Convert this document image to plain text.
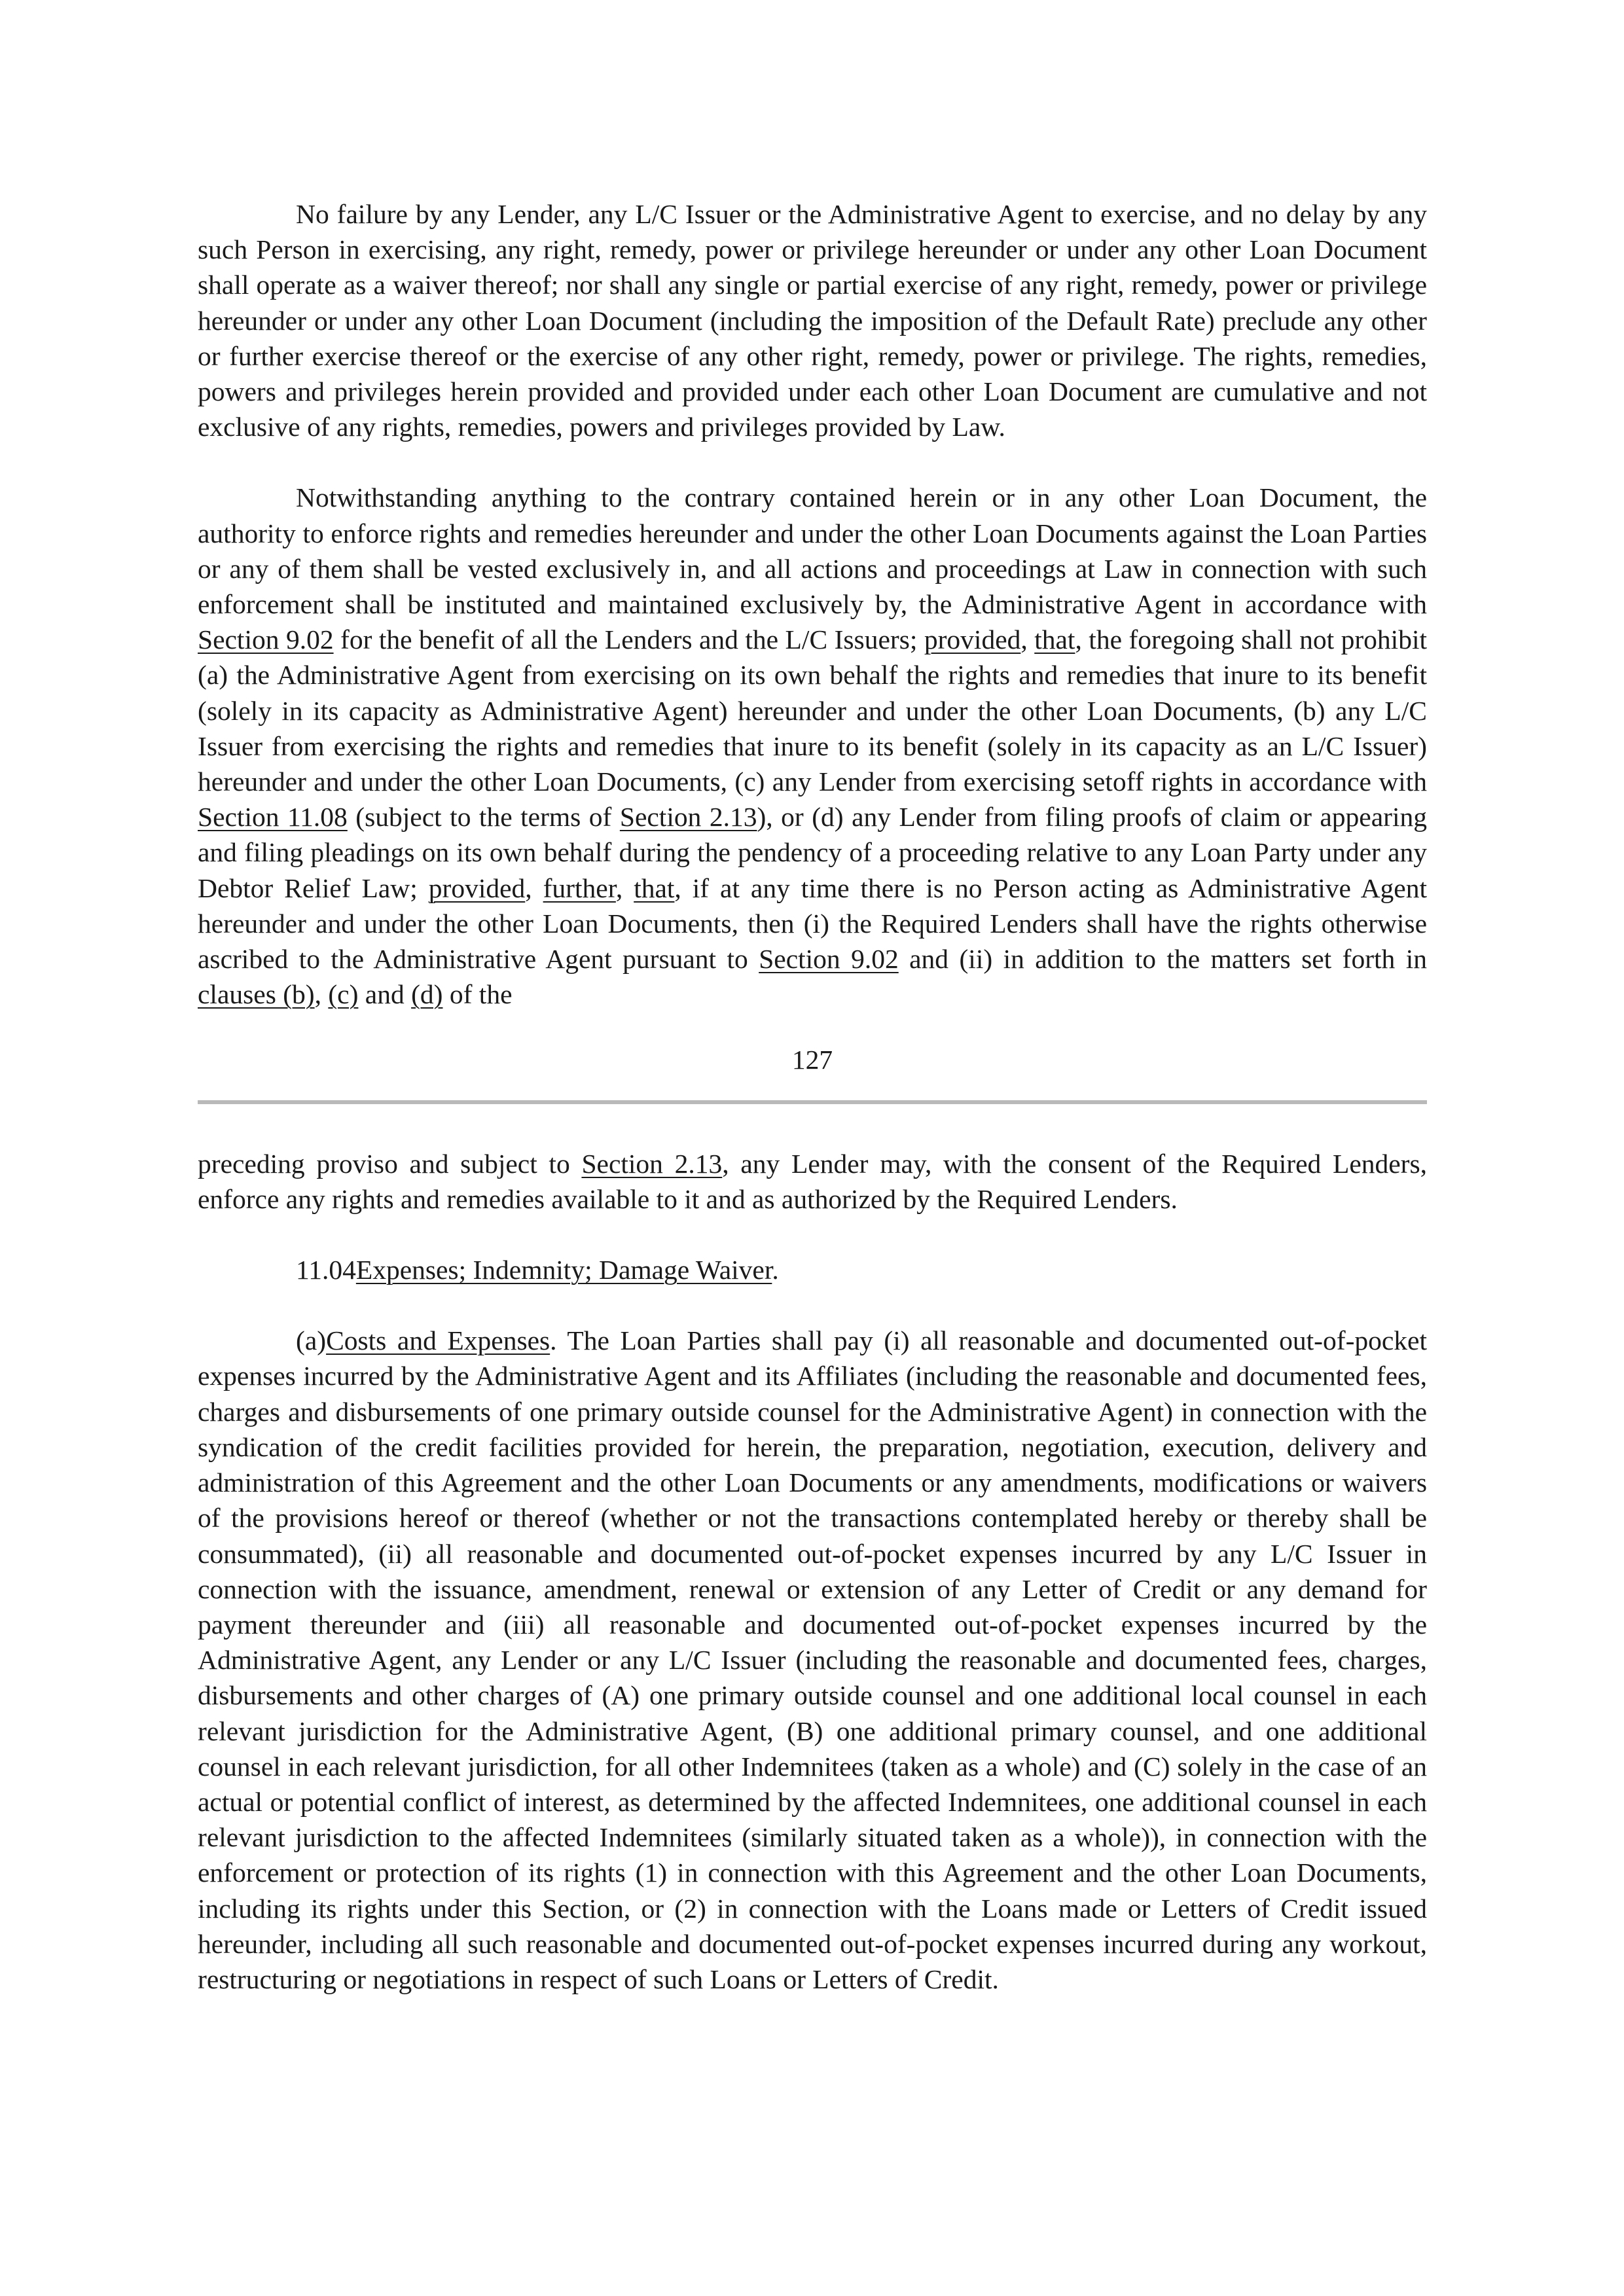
No failure by any Lender, any L/C Issuer or the Administrative Agent to exercise, and no delay by any such Person in exercising, any right, remedy, power or privilege hereunder or under any other Loan Document shall operate as a waiver thereof; nor shall any single or partial exercise of any right, remedy, power or privilege hereunder or under any other Loan Document (including the imposition of the Default Rate) preclude any other or further exercise thereof or the exercise of any other right, remedy, power or privilege. The rights, remedies, powers and privileges herein provided and provided under each other Loan Document are cumulative and not exclusive of any rights, remedies, powers and privileges provided by Law.

Notwithstanding anything to the contrary contained herein or in any other Loan Document, the authority to enforce rights and remedies hereunder and under the other Loan Documents against the Loan Parties or any of them shall be vested exclusively in, and all actions and proceedings at Law in connection with such enforcement shall be instituted and maintained exclusively by, the Administrative Agent in accordance with Section 9.02 for the benefit of all the Lenders and the L/C Issuers; provided, that, the foregoing shall not prohibit (a) the Administrative Agent from exercising on its own behalf the rights and remedies that inure to its benefit (solely in its capacity as Administrative Agent) hereunder and under the other Loan Documents, (b) any L/C Issuer from exercising the rights and remedies that inure to its benefit (solely in its capacity as an L/C Issuer) hereunder and under the other Loan Documents, (c) any Lender from exercising setoff rights in accordance with Section 11.08 (subject to the terms of Section 2.13), or (d) any Lender from filing proofs of claim or appearing and filing pleadings on its own behalf during the pendency of a proceeding relative to any Loan Party under any Debtor Relief Law; provided, further, that, if at any time there is no Person acting as Administrative Agent hereunder and under the other Loan Documents, then (i) the Required Lenders shall have the rights otherwise ascribed to the Administrative Agent pursuant to Section 9.02 and (ii) in addition to the matters set forth in clauses (b), (c) and (d) of the

127

preceding proviso and subject to Section 2.13, any Lender may, with the consent of the Required Lenders, enforce any rights and remedies available to it and as authorized by the Required Lenders.

11.04Expenses; Indemnity; Damage Waiver.

(a)Costs and Expenses. The Loan Parties shall pay (i) all reasonable and documented out-of-pocket expenses incurred by the Administrative Agent and its Affiliates (including the reasonable and documented fees, charges and disbursements of one primary outside counsel for the Administrative Agent) in connection with the syndication of the credit facilities provided for herein, the preparation, negotiation, execution, delivery and administration of this Agreement and the other Loan Documents or any amendments, modifications or waivers of the provisions hereof or thereof (whether or not the transactions contemplated hereby or thereby shall be consummated), (ii) all reasonable and documented out-of-pocket expenses incurred by any L/C Issuer in connection with the issuance, amendment, renewal or extension of any Letter of Credit or any demand for payment thereunder and (iii) all reasonable and documented out-of-pocket expenses incurred by the Administrative Agent, any Lender or any L/C Issuer (including the reasonable and documented fees, charges, disbursements and other charges of (A) one primary outside counsel and one additional local counsel in each relevant jurisdiction for the Administrative Agent, (B) one additional primary counsel, and one additional counsel in each relevant jurisdiction, for all other Indemnitees (taken as a whole) and (C) solely in the case of an actual or potential conflict of interest, as determined by the affected Indemnitees, one additional counsel in each relevant jurisdiction to the affected Indemnitees (similarly situated taken as a whole)), in connection with the enforcement or protection of its rights (1) in connection with this Agreement and the other Loan Documents, including its rights under this Section, or (2) in connection with the Loans made or Letters of Credit issued hereunder, including all such reasonable and documented out-of-pocket expenses incurred during any workout, restructuring or negotiations in respect of such Loans or Letters of Credit.
